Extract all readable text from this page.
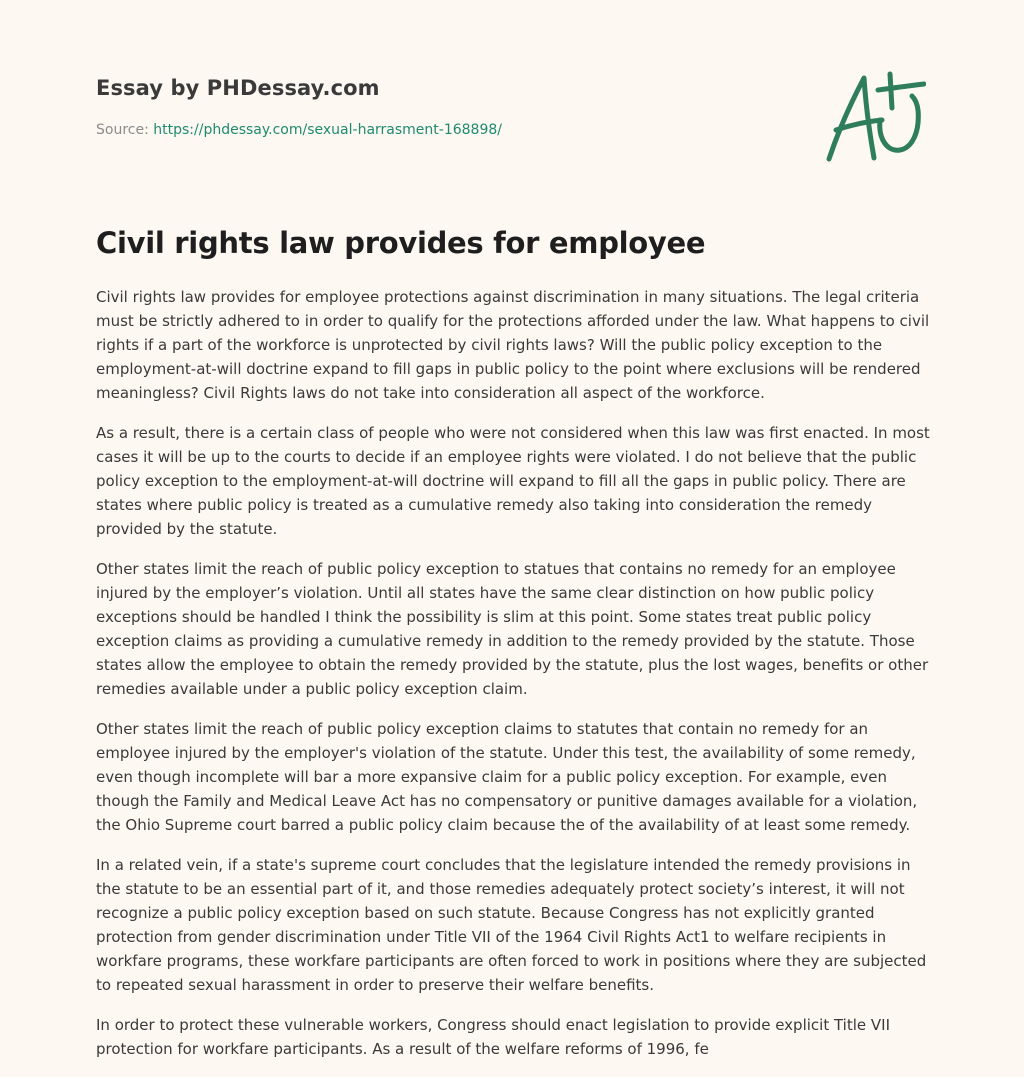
Essay by PHDessay.com
Source: https://phdessay.com/sexual-harrasment-168898/
Civil rights law provides for employee

Civil rights law provides for employee protections against discrimination in many situations. The legal criteria must be strictly adhered to in order to qualify for the protections afforded under the law. What happens to civil rights if a part of the workforce is unprotected by civil rights laws? Will the public policy exception to the employment-at-will doctrine expand to fill gaps in public policy to the point where exclusions will be rendered meaningless? Civil Rights laws do not take into consideration all aspect of the workforce.

As a result, there is a certain class of people who were not considered when this law was first enacted. In most cases it will be up to the courts to decide if an employee rights were violated. I do not believe that the public policy exception to the employment-at-will doctrine will expand to fill all the gaps in public policy. There are states where public policy is treated as a cumulative remedy also taking into consideration the remedy provided by the statute.

Other states limit the reach of public policy exception to statues that contains no remedy for an employee injured by the employer’s violation. Until all states have the same clear distinction on how public policy exceptions should be handled I think the possibility is slim at this point. Some states treat public policy exception claims as providing a cumulative remedy in addition to the remedy provided by the statute. Those states allow the employee to obtain the remedy provided by the statute, plus the lost wages, benefits or other remedies available under a public policy exception claim.

Other states limit the reach of public policy exception claims to statutes that contain no remedy for an employee injured by the employer's violation of the statute. Under this test, the availability of some remedy, even though incomplete will bar a more expansive claim for a public policy exception. For example, even though the Family and Medical Leave Act has no compensatory or punitive damages available for a violation, the Ohio Supreme court barred a public policy claim because the of the availability of at least some remedy.

In a related vein, if a state's supreme court concludes that the legislature intended the remedy provisions in the statute to be an essential part of it, and those remedies adequately protect society’s interest, it will not recognize a public policy exception based on such statute. Because Congress has not explicitly granted protection from gender discrimination under Title VII of the 1964 Civil Rights Act1 to welfare recipients in workfare programs, these workfare participants are often forced to work in positions where they are subjected to repeated sexual harassment in order to preserve their welfare benefits.

In order to protect these vulnerable workers, Congress should enact legislation to provide explicit Title VII protection for workfare participants. As a result of the welfare reforms of 1996, fe
